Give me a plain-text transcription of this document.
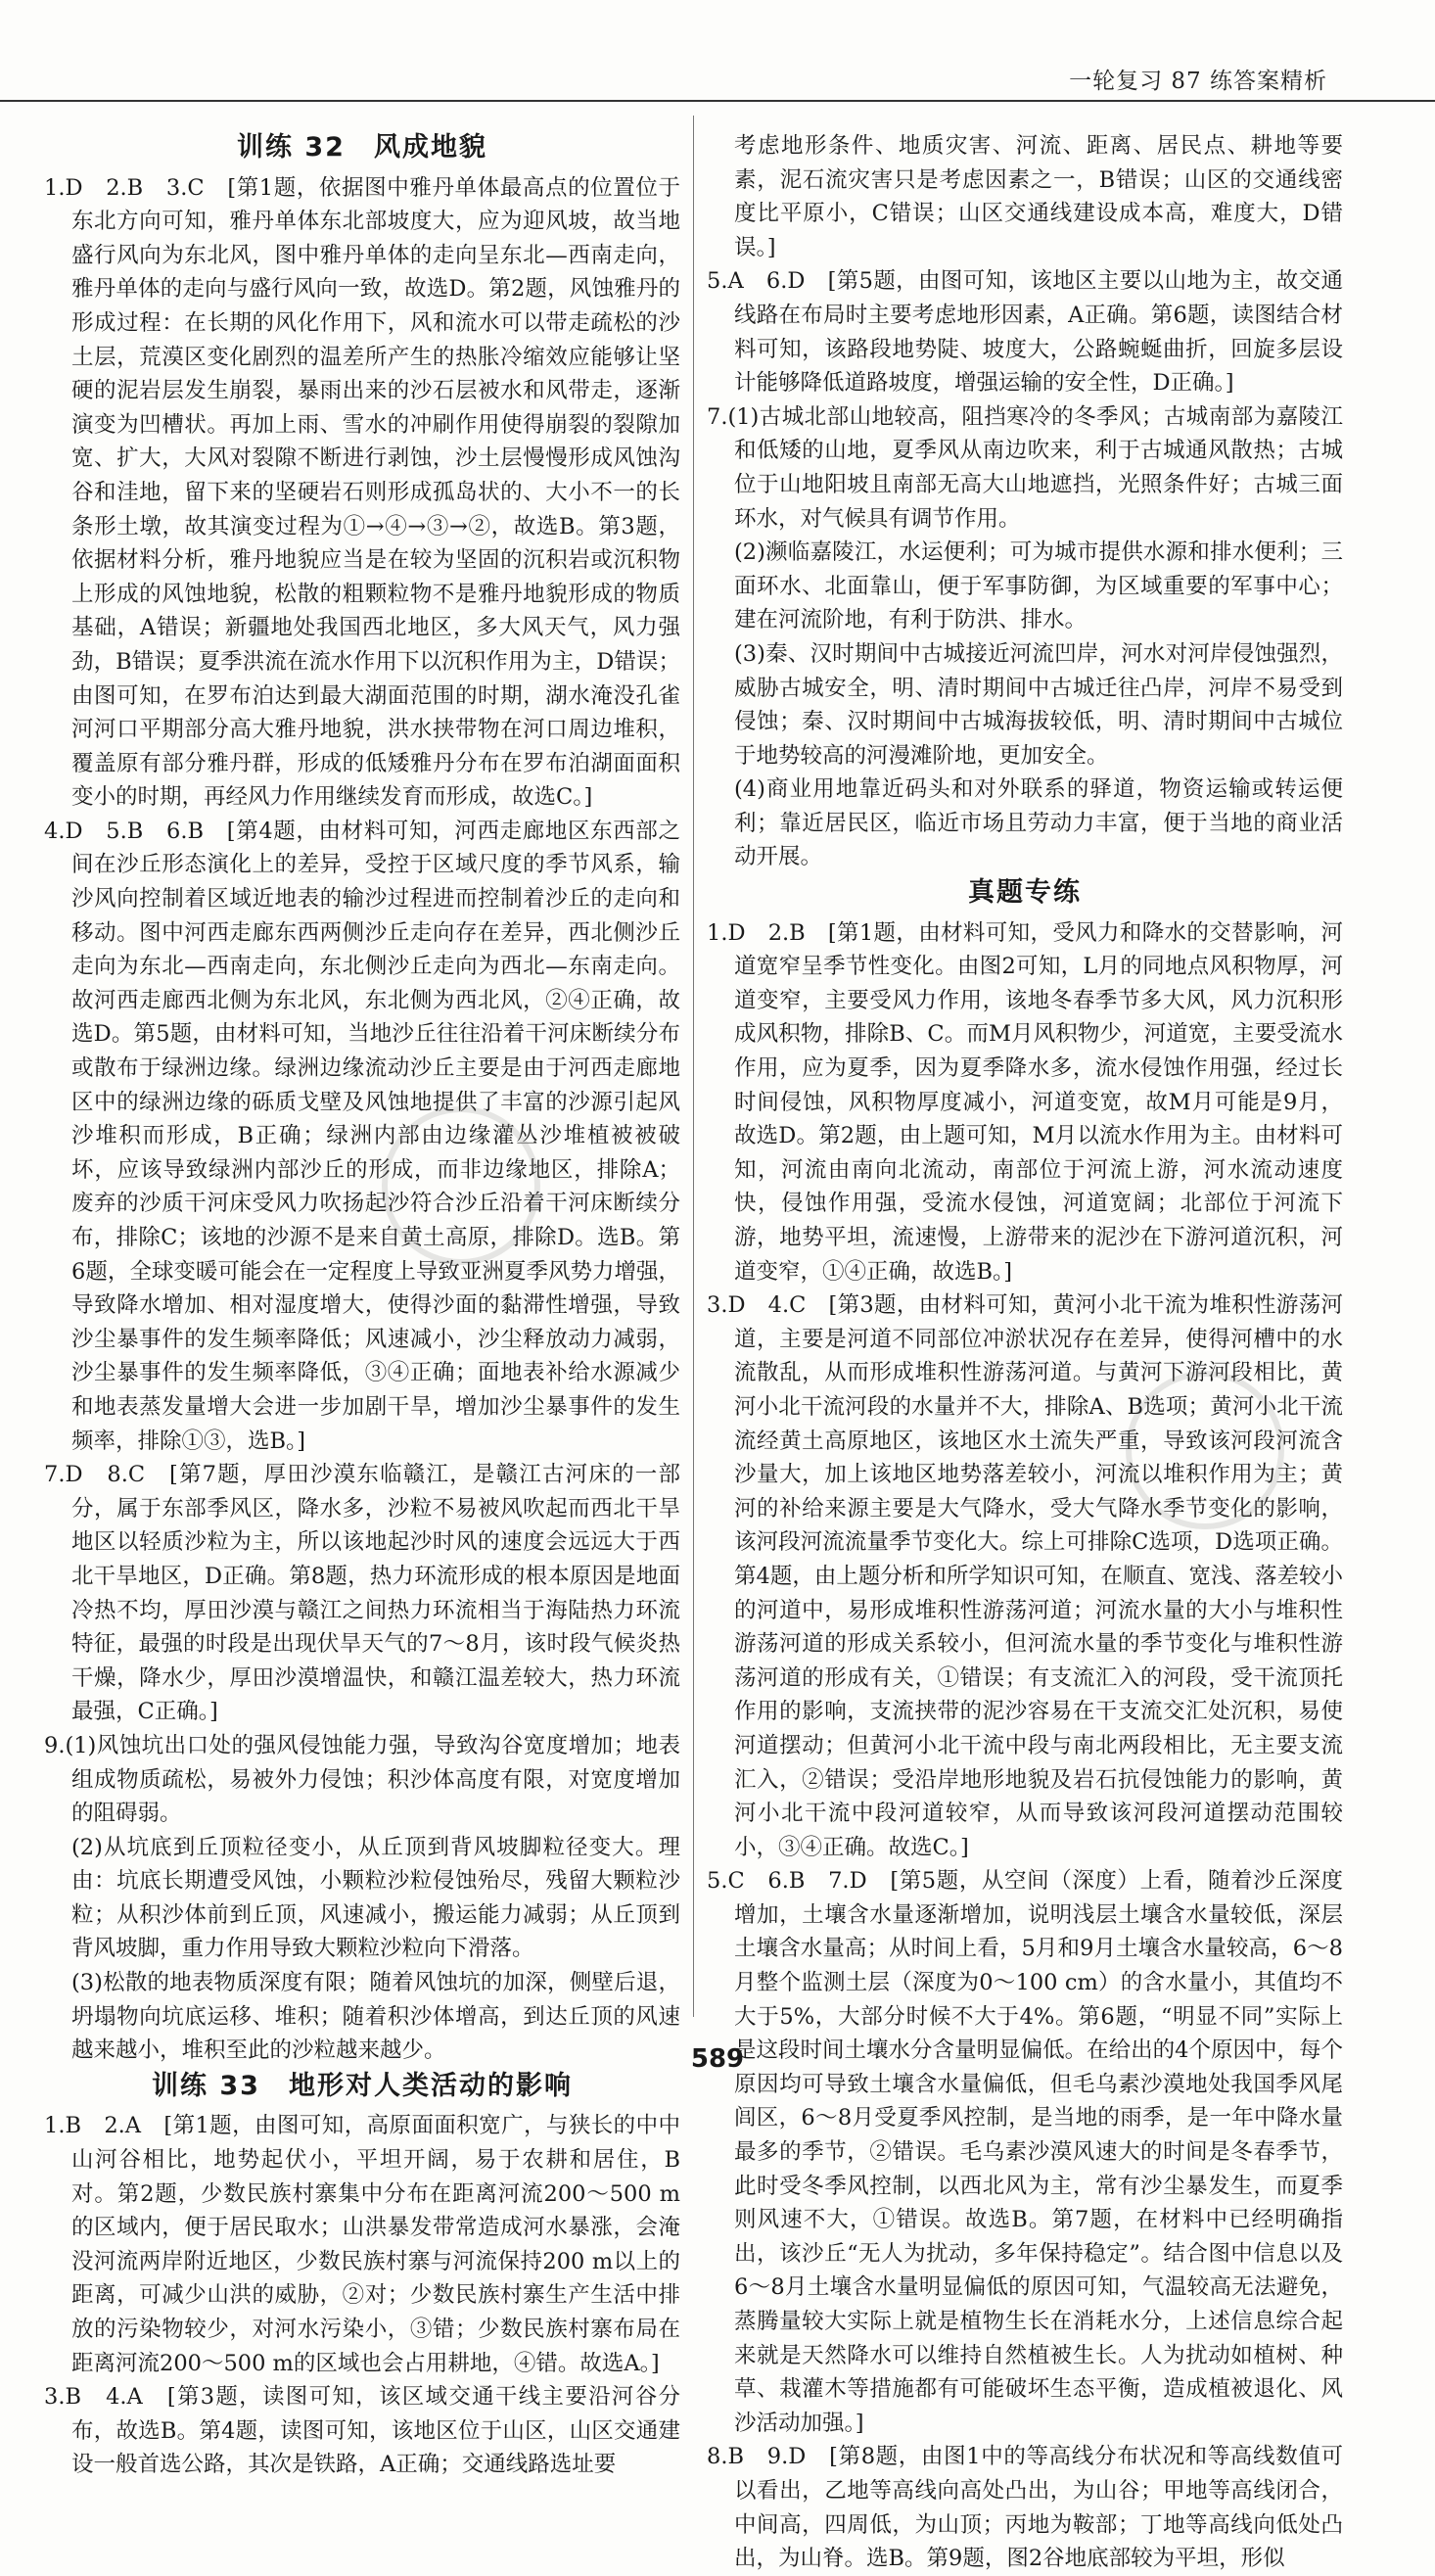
一轮复习 87 练答案精析
训练 32　风成地貌

1.D　2.B　3.C　[第1题，依据图中雅丹单体最高点的位置位于东北方向可知，雅丹单体东北部坡度大，应为迎风坡，故当地盛行风向为东北风，图中雅丹单体的走向呈东北—西南走向，雅丹单体的走向与盛行风向一致，故选D。第2题，风蚀雅丹的形成过程：在长期的风化作用下，风和流水可以带走疏松的沙土层，荒漠区变化剧烈的温差所产生的热胀冷缩效应能够让坚硬的泥岩层发生崩裂，暴雨出来的沙石层被水和风带走，逐渐演变为凹槽状。再加上雨、雪水的冲刷作用使得崩裂的裂隙加宽、扩大，大风对裂隙不断进行剥蚀，沙土层慢慢形成风蚀沟谷和洼地，留下来的坚硬岩石则形成孤岛状的、大小不一的长条形土墩，故其演变过程为①→④→③→②，故选B。第3题，依据材料分析，雅丹地貌应当是在较为坚固的沉积岩或沉积物上形成的风蚀地貌，松散的粗颗粒物不是雅丹地貌形成的物质基础，A错误；新疆地处我国西北地区，多大风天气，风力强劲，B错误；夏季洪流在流水作用下以沉积作用为主，D错误；由图可知，在罗布泊达到最大湖面范围的时期，湖水淹没孔雀河河口平期部分高大雅丹地貌，洪水挟带物在河口周边堆积，覆盖原有部分雅丹群，形成的低矮雅丹分布在罗布泊湖面面积变小的时期，再经风力作用继续发育而形成，故选C。]

4.D　5.B　6.B　[第4题，由材料可知，河西走廊地区东西部之间在沙丘形态演化上的差异，受控于区域尺度的季节风系，输沙风向控制着区域近地表的输沙过程进而控制着沙丘的走向和移动。图中河西走廊东西两侧沙丘走向存在差异，西北侧沙丘走向为东北—西南走向，东北侧沙丘走向为西北—东南走向。故河西走廊西北侧为东北风，东北侧为西北风，②④正确，故选D。第5题，由材料可知，当地沙丘往往沿着干河床断续分布或散布于绿洲边缘。绿洲边缘流动沙丘主要是由于河西走廊地区中的绿洲边缘的砾质戈壁及风蚀地提供了丰富的沙源引起风沙堆积而形成，B正确；绿洲内部由边缘灌丛沙堆植被被破坏，应该导致绿洲内部沙丘的形成，而非边缘地区，排除A；废弃的沙质干河床受风力吹扬起沙符合沙丘沿着干河床断续分布，排除C；该地的沙源不是来自黄土高原，排除D。选B。第6题，全球变暖可能会在一定程度上导致亚洲夏季风势力增强，导致降水增加、相对湿度增大，使得沙面的黏滞性增强，导致沙尘暴事件的发生频率降低；风速减小，沙尘释放动力减弱，沙尘暴事件的发生频率降低，③④正确；面地表补给水源减少和地表蒸发量增大会进一步加剧干旱，增加沙尘暴事件的发生频率，排除①③，选B。]

7.D　8.C　[第7题，厚田沙漠东临赣江，是赣江古河床的一部分，属于东部季风区，降水多，沙粒不易被风吹起而西北干旱地区以轻质沙粒为主，所以该地起沙时风的速度会远远大于西北干旱地区，D正确。第8题，热力环流形成的根本原因是地面冷热不均，厚田沙漠与赣江之间热力环流相当于海陆热力环流特征，最强的时段是出现伏旱天气的7～8月，该时段气候炎热干燥，降水少，厚田沙漠增温快，和赣江温差较大，热力环流最强，C正确。]

9.(1)风蚀坑出口处的强风侵蚀能力强，导致沟谷宽度增加；地表组成物质疏松，易被外力侵蚀；积沙体高度有限，对宽度增加的阻碍弱。

(2)从坑底到丘顶粒径变小，从丘顶到背风坡脚粒径变大。理由：坑底长期遭受风蚀，小颗粒沙粒侵蚀殆尽，残留大颗粒沙粒；从积沙体前到丘顶，风速减小，搬运能力减弱；从丘顶到背风坡脚，重力作用导致大颗粒沙粒向下滑落。

(3)松散的地表物质深度有限；随着风蚀坑的加深，侧壁后退，坍塌物向坑底运移、堆积；随着积沙体增高，到达丘顶的风速越来越小，堆积至此的沙粒越来越少。

训练 33　地形对人类活动的影响

1.B　2.A　[第1题，由图可知，高原面面积宽广，与狭长的中中山河谷相比，地势起伏小，平坦开阔，易于农耕和居住，B对。第2题，少数民族村寨集中分布在距离河流200～500 m的区域内，便于居民取水；山洪暴发带常造成河水暴涨，会淹没河流两岸附近地区，少数民族村寨与河流保持200 m以上的距离，可减少山洪的威胁，②对；少数民族村寨生产生活中排放的污染物较少，对河水污染小，③错；少数民族村寨布局在距离河流200～500 m的区域也会占用耕地，④错。故选A。]

3.B　4.A　[第3题，读图可知，该区域交通干线主要沿河谷分布，故选B。第4题，读图可知，该地区位于山区，山区交通建设一般首选公路，其次是铁路，A正确；交通线路选址要

考虑地形条件、地质灾害、河流、距离、居民点、耕地等要素，泥石流灾害只是考虑因素之一，B错误；山区的交通线密度比平原小，C错误；山区交通线建设成本高，难度大，D错误。]

5.A　6.D　[第5题，由图可知，该地区主要以山地为主，故交通线路在布局时主要考虑地形因素，A正确。第6题，读图结合材料可知，该路段地势陡、坡度大，公路蜿蜒曲折，回旋多层设计能够降低道路坡度，增强运输的安全性，D正确。]

7.(1)古城北部山地较高，阻挡寒冷的冬季风；古城南部为嘉陵江和低矮的山地，夏季风从南边吹来，利于古城通风散热；古城位于山地阳坡且南部无高大山地遮挡，光照条件好；古城三面环水，对气候具有调节作用。

(2)濒临嘉陵江，水运便利；可为城市提供水源和排水便利；三面环水、北面靠山，便于军事防御，为区域重要的军事中心；建在河流阶地，有利于防洪、排水。

(3)秦、汉时期间中古城接近河流凹岸，河水对河岸侵蚀强烈，威胁古城安全，明、清时期间中古城迁往凸岸，河岸不易受到侵蚀；秦、汉时期间中古城海拔较低，明、清时期间中古城位于地势较高的河漫滩阶地，更加安全。

(4)商业用地靠近码头和对外联系的驿道，物资运输或转运便利；靠近居民区，临近市场且劳动力丰富，便于当地的商业活动开展。

真题专练

1.D　2.B　[第1题，由材料可知，受风力和降水的交替影响，河道宽窄呈季节性变化。由图2可知，L月的同地点风积物厚，河道变窄，主要受风力作用，该地冬春季节多大风，风力沉积形成风积物，排除B、C。而M月风积物少，河道宽，主要受流水作用，应为夏季，因为夏季降水多，流水侵蚀作用强，经过长时间侵蚀，风积物厚度减小，河道变宽，故M月可能是9月，故选D。第2题，由上题可知，M月以流水作用为主。由材料可知，河流由南向北流动，南部位于河流上游，河水流动速度快，侵蚀作用强，受流水侵蚀，河道宽阔；北部位于河流下游，地势平坦，流速慢，上游带来的泥沙在下游河道沉积，河道变窄，①④正确，故选B。]

3.D　4.C　[第3题，由材料可知，黄河小北干流为堆积性游荡河道，主要是河道不同部位冲淤状况存在差异，使得河槽中的水流散乱，从而形成堆积性游荡河道。与黄河下游河段相比，黄河小北干流河段的水量并不大，排除A、B选项；黄河小北干流流经黄土高原地区，该地区水土流失严重，导致该河段河流含沙量大，加上该地区地势落差较小，河流以堆积作用为主；黄河的补给来源主要是大气降水，受大气降水季节变化的影响，该河段河流流量季节变化大。综上可排除C选项，D选项正确。第4题，由上题分析和所学知识可知，在顺直、宽浅、落差较小的河道中，易形成堆积性游荡河道；河流水量的大小与堆积性游荡河道的形成关系较小，但河流水量的季节变化与堆积性游荡河道的形成有关，①错误；有支流汇入的河段，受干流顶托作用的影响，支流挟带的泥沙容易在干支流交汇处沉积，易使河道摆动；但黄河小北干流中段与南北两段相比，无主要支流汇入，②错误；受沿岸地形地貌及岩石抗侵蚀能力的影响，黄河小北干流中段河道较窄，从而导致该河段河道摆动范围较小，③④正确。故选C。]

5.C　6.B　7.D　[第5题，从空间（深度）上看，随着沙丘深度增加，土壤含水量逐渐增加，说明浅层土壤含水量较低，深层土壤含水量高；从时间上看，5月和9月土壤含水量较高，6～8月整个监测土层（深度为0～100 cm）的含水量小，其值均不大于5%，大部分时候不大于4%。第6题，“明显不同”实际上是这段时间土壤水分含量明显偏低。在给出的4个原因中，每个原因均可导致土壤含水量偏低，但毛乌素沙漠地处我国季风尾闾区，6～8月受夏季风控制，是当地的雨季，是一年中降水量最多的季节，②错误。毛乌素沙漠风速大的时间是冬春季节，此时受冬季风控制，以西北风为主，常有沙尘暴发生，而夏季则风速不大，①错误。故选B。第7题，在材料中已经明确指出，该沙丘“无人为扰动，多年保持稳定”。结合图中信息以及6～8月土壤含水量明显偏低的原因可知，气温较高无法避免，蒸腾量较大实际上就是植物生长在消耗水分，上述信息综合起来就是天然降水可以维持自然植被生长。人为扰动如植树、种草、栽灌木等措施都有可能破坏生态平衡，造成植被退化、风沙活动加强。]

8.B　9.D　[第8题，由图1中的等高线分布状况和等高线数值可以看出，乙地等高线向高处凸出，为山谷；甲地等高线闭合，中间高，四周低，为山顶；丙地为鞍部；丁地等高线向低处凸出，为山脊。选B。第9题，图2谷地底部较为平坦，形似

589
